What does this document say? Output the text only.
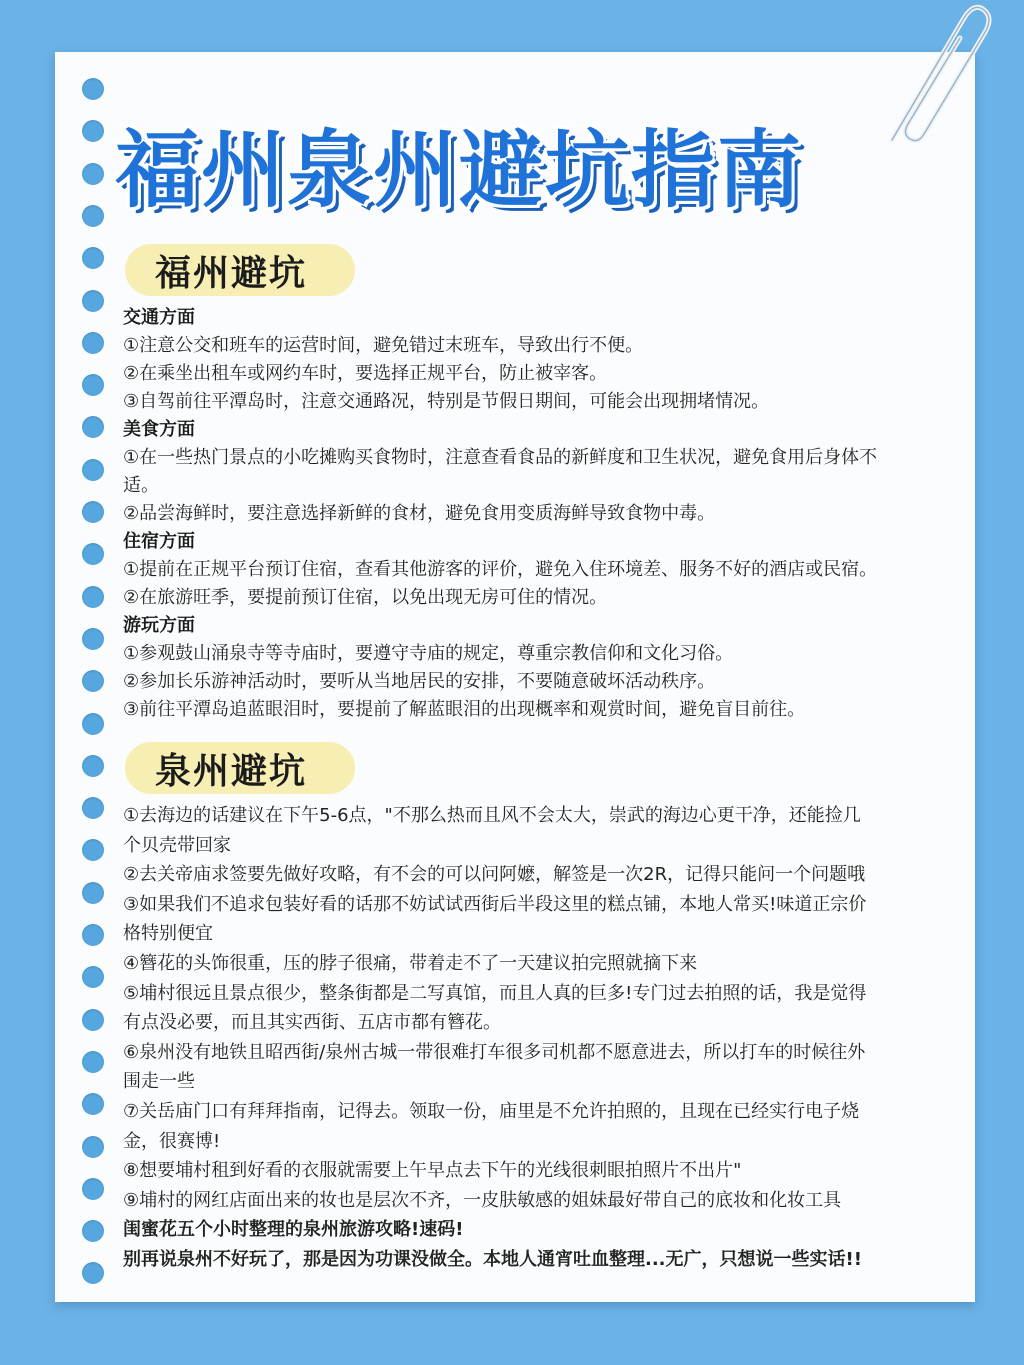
福州泉州避坑指南
福州避坑
交通方面
①注意公交和班车的运营时间，避免错过末班车，导致出行不便。
②在乘坐出租车或网约车时，要选择正规平台，防止被宰客。
③自驾前往平潭岛时，注意交通路况，特别是节假日期间，可能会出现拥堵情况。
美食方面
①在一些热门景点的小吃摊购买食物时，注意查看食品的新鲜度和卫生状况，避免食用后身体不
适。
②品尝海鲜时，要注意选择新鲜的食材，避免食用变质海鲜导致食物中毒。
住宿方面
①提前在正规平台预订住宿，查看其他游客的评价，避免入住环境差、服务不好的酒店或民宿。
②在旅游旺季，要提前预订住宿，以免出现无房可住的情况。
游玩方面
①参观鼓山涌泉寺等寺庙时，要遵守寺庙的规定，尊重宗教信仰和文化习俗。
②参加长乐游神活动时，要听从当地居民的安排，不要随意破坏活动秩序。
③前往平潭岛追蓝眼泪时，要提前了解蓝眼泪的出现概率和观赏时间，避免盲目前往。
泉州避坑
①去海边的话建议在下午5-6点，"不那么热而且风不会太大，崇武的海边心更干净，还能捡几
个贝壳带回家
②去关帝庙求签要先做好攻略，有不会的可以问阿嬷，解签是一次2R，记得只能问一个问题哦
③如果我们不追求包装好看的话那不妨试试西街后半段这里的糕点铺，本地人常买!味道正宗价
格特别便宜
④簪花的头饰很重，压的脖子很痛，带着走不了一天建议拍完照就摘下来
⑤埔村很远且景点很少，整条街都是二写真馆，而且人真的巨多!专门过去拍照的话，我是觉得
有点没必要，而且其实西街、五店市都有簪花。
⑥泉州没有地铁且昭西街/泉州古城一带很难打车很多司机都不愿意进去，所以打车的时候往外
围走一些
⑦关岳庙门口有拜拜指南，记得去。领取一份，庙里是不允许拍照的，且现在已经实行电子烧
金，很赛博!
⑧想要埔村租到好看的衣服就需要上午早点去下午的光线很刺眼拍照片不出片"
⑨埔村的网红店面出来的妆也是层次不齐，一皮肤敏感的姐妹最好带自己的底妆和化妆工具
闺蜜花五个小时整理的泉州旅游攻略!速码!
别再说泉州不好玩了，那是因为功课没做全。本地人通宵吐血整理...无广，只想说一些实话!!
